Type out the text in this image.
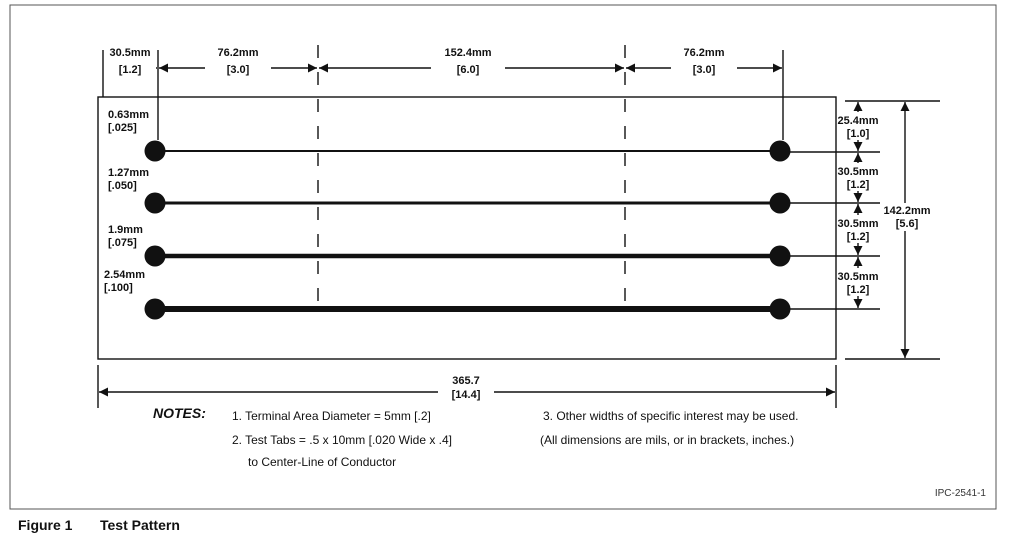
30.5mm
[1.2]
76.2mm
[3.0]
152.4mm
[6.0]
76.2mm
[3.0]
0.63mm
[.025]
1.27mm
[.050]
1.9mm
[.075]
2.54mm
[.100]
25.4mm
[1.0]
30.5mm
[1.2]
30.5mm
[1.2]
30.5mm
[1.2]
142.2mm
[5.6]
365.7
[14.4]
NOTES: 1. Terminal Area Diameter = 5mm [.2]
2. Test Tabs = .5 x 10mm [.020 Wide x .4]
to Center-Line of Conductor
3. Other widths of specific interest may be used.
(All dimensions are mils, or in brackets, inches.)
IPC-2541-1
Figure 1 Test Pattern
